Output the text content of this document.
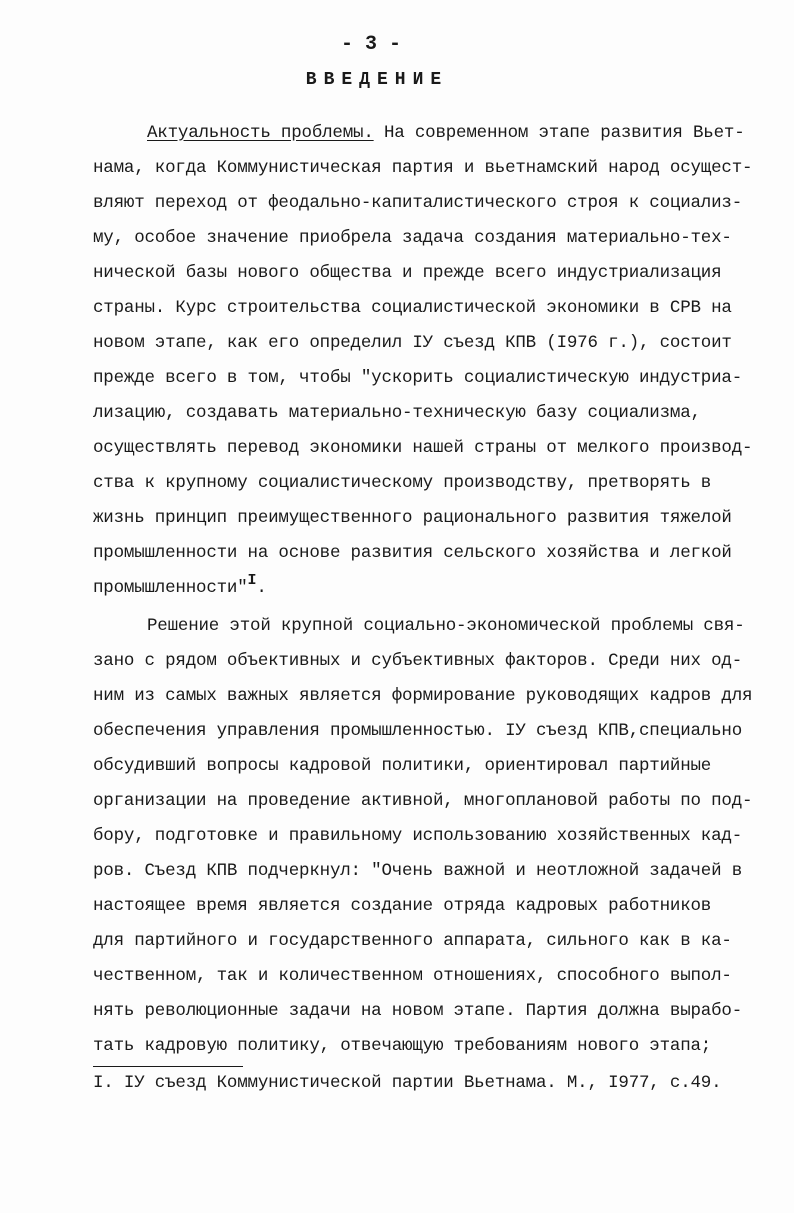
- 3 -
ВВЕДЕНИЕ
Актуальность проблемы. На современном этапе развития Вьет-
нама, когда Коммунистическая партия и вьетнамский народ осущест-
вляют переход от феодально-капиталистического строя к социализ-
му, особое значение приобрела задача создания материально-тех-
нической базы нового общества и прежде всего индустриализация
страны. Курс строительства социалистической экономики в СРВ на
новом этапе, как его определил IУ съезд КПВ (I976 г.), состоит
прежде всего в том, чтобы "ускорить социалистическую индустриа-
лизацию, создавать материально-техническую базу социализма,
осуществлять перевод экономики нашей страны от мелкого производ-
ства к крупному социалистическому производству, претворять в
жизнь принцип преимущественного рационального развития тяжелой
промышленности на основе развития сельского хозяйства и легкой
промышленности"I.
Решение этой крупной социально-экономической проблемы свя-
зано с рядом объективных и субъективных факторов. Среди них од-
ним из самых важных является формирование руководящих кадров для
обеспечения управления промышленностью. IУ съезд КПВ,специально
обсудивший вопросы кадровой политики, ориентировал партийные
организации на проведение активной, многоплановой работы по под-
бору, подготовке и правильному использованию хозяйственных кад-
ров. Съезд КПВ подчеркнул: "Очень важной и неотложной задачей в
настоящее время является создание отряда кадровых работников
для партийного и государственного аппарата, сильного как в ка-
чественном, так и количественном отношениях, способного выпол-
нять революционные задачи на новом этапе. Партия должна вырабо-
тать кадровую политику, отвечающую требованиям нового этапа;
I. IУ съезд Коммунистической партии Вьетнама. М., I977, с.49.
